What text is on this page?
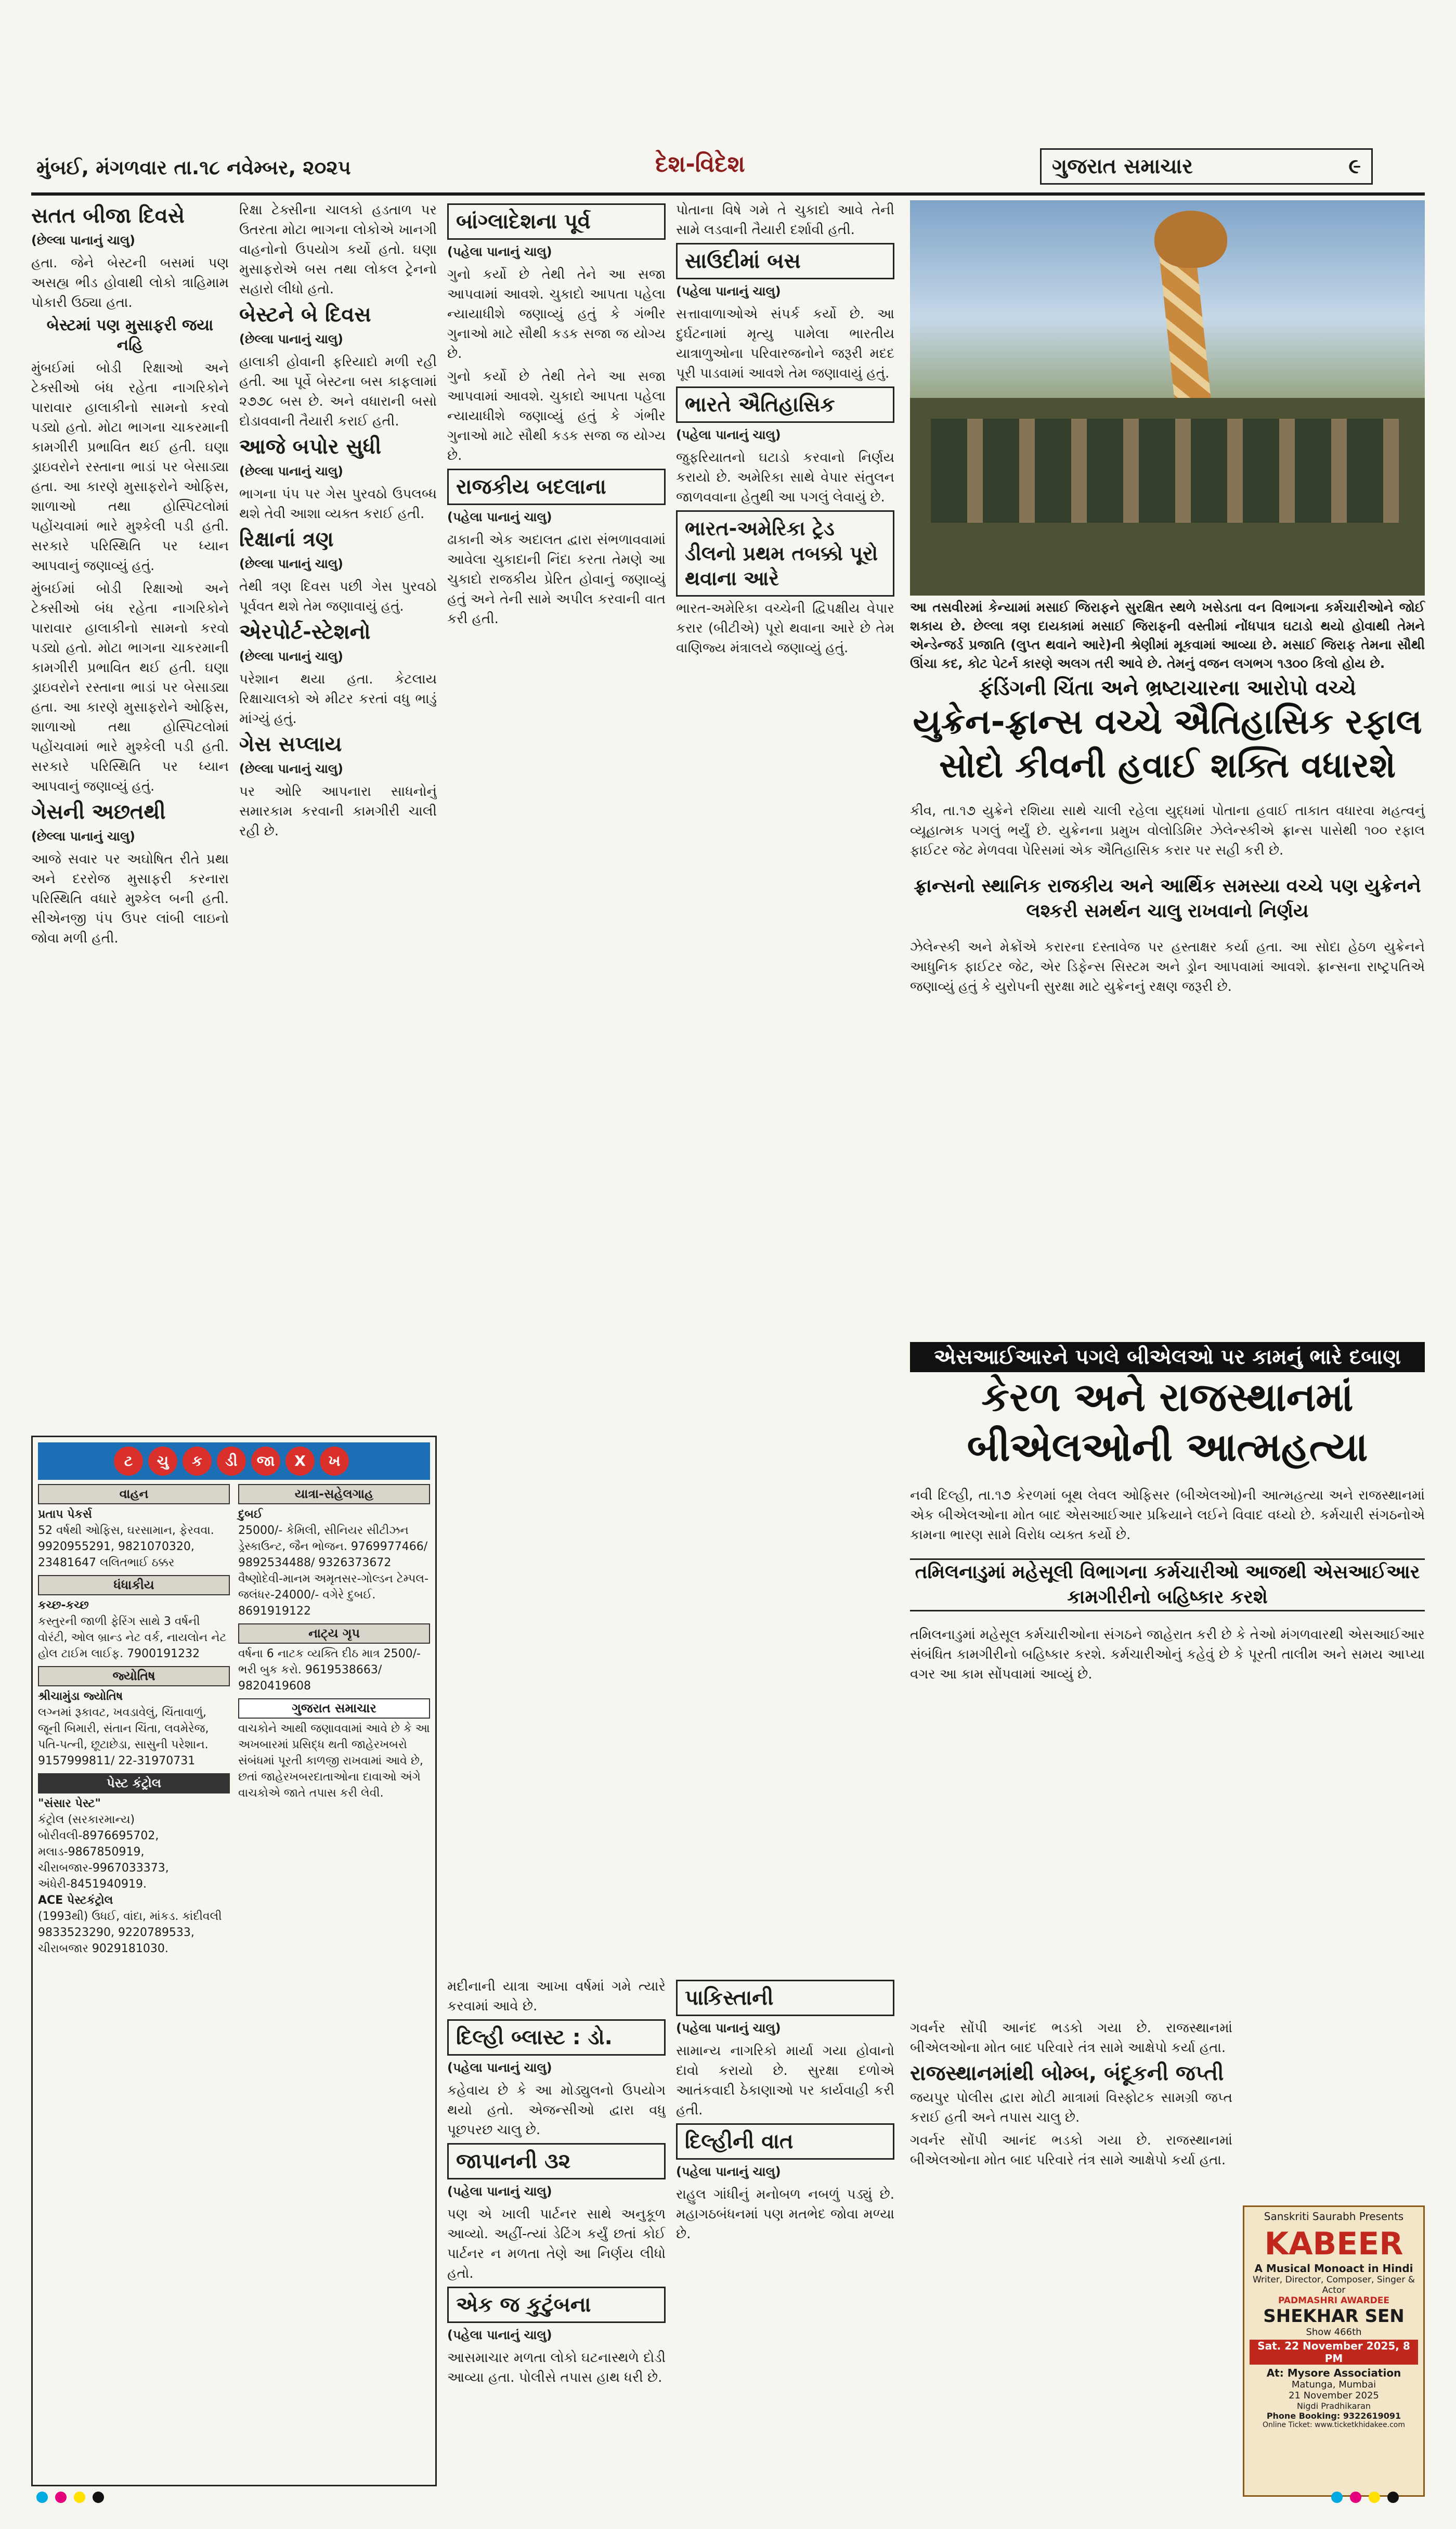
મુંબઈ, મંગળવાર તા.૧૮ નવેમ્બર, ૨૦૨૫	દેશ-વિદેશ	ગુજરાત સમાચાર	૯
સતત બીજા દિવસે
(છેલ્લા પાનાનું ચાલુ)

હતા. જેને બેસ્ટની બસમાં પણ અસહ્ય ભીડ હોવાથી લોકો ત્રાહિમામ પોકારી ઉઠ્યા હતા.

બેસ્ટમાં પણ મુસાફરી જયા નહિ

મુંબઈમાં બોડી રિક્ષાઓ અને ટેક્સીઓ બંધ રહેતા નાગરિકોને પારાવાર હાલાકીનો સામનો કરવો પડ્યો હતો. મોટા ભાગના ચાકરમાની કામગીરી પ્રભાવિત થઈ હતી. ઘણા ડ્રાઇવરોને રસ્તાના ભાડાં પર બેસાડ્યા હતા. આ કારણે મુસાફરોને ઓફિસ, શાળાઓ તથા હોસ્પિટલોમાં પહોંચવામાં ભારે મુશ્કેલી પડી હતી. સરકારે પરિસ્થિતિ પર ધ્યાન આપવાનું જણાવ્યું હતું.

મુંબઈમાં બોડી રિક્ષાઓ અને ટેક્સીઓ બંધ રહેતા નાગરિકોને પારાવાર હાલાકીનો સામનો કરવો પડ્યો હતો. મોટા ભાગના ચાકરમાની કામગીરી પ્રભાવિત થઈ હતી. ઘણા ડ્રાઇવરોને રસ્તાના ભાડાં પર બેસાડ્યા હતા. આ કારણે મુસાફરોને ઓફિસ, શાળાઓ તથા હોસ્પિટલોમાં પહોંચવામાં ભારે મુશ્કેલી પડી હતી. સરકારે પરિસ્થિતિ પર ધ્યાન આપવાનું જણાવ્યું હતું.

ગેસની અછતથી
(છેલ્લા પાનાનું ચાલુ)

આજે સવાર પર અઘોષિત રીતે પ્રથા અને દરરોજ મુસાફરી કરનારા પરિસ્થિતિ વધારે મુશ્કેલ બની હતી. સીએનજી પંપ ઉપર લાંબી લાઇનો જોવા મળી હતી.

રિક્ષા ટેક્સીના ચાલકો હડતાળ પર ઉતરતા મોટા ભાગના લોકોએ ખાનગી વાહનોનો ઉપયોગ કર્યો હતો. ઘણા મુસાફરોએ બસ તથા લોકલ ટ્રેનનો સહારો લીધો હતો.

બેસ્ટને બે દિવસ
(છેલ્લા પાનાનું ચાલુ)

હાલાકી હોવાની ફરિયાદો મળી રહી હતી. આ પૂર્વે બેસ્ટના બસ કાફલામાં ૨૭૭૮ બસ છે. અને વધારાની બસો દોડાવવાની તૈયારી કરાઈ હતી.

આજે બપોર સુધી
(છેલ્લા પાનાનું ચાલુ)

ભાગના પંપ પર ગેસ પુરવઠો ઉપલબ્ધ થશે તેવી આશા વ્યક્ત કરાઈ હતી.

રિક્ષાનાં ત્રણ
(છેલ્લા પાનાનું ચાલુ)

તેથી ત્રણ દિવસ પછી ગેસ પુરવઠો પૂર્વવત થશે તેમ જણાવાયું હતું.

એરપોર્ટ-સ્ટેશનો
(છેલ્લા પાનાનું ચાલુ)

પરેશાન થયા હતા. કેટલાય રિક્ષાચાલકો એ મીટર કરતાં વધુ ભાડું માંગ્યું હતું.

ગેસ સપ્લાય
(છેલ્લા પાનાનું ચાલુ)

પર ઓરિ આપનારા સાધનોનું સમારકામ કરવાની કામગીરી ચાલી રહી છે.

બાંગ્લાદેશના પૂર્વ
(પહેલા પાનાનું ચાલુ)

ગુનો કર્યો છે તેથી તેને આ સજા આપવામાં આવશે. ચુકાદો આપતા પહેલા ન્યાયાધીશે જણાવ્યું હતું કે ગંભીર ગુનાઓ માટે સૌથી કડક સજા જ યોગ્ય છે.

ગુનો કર્યો છે તેથી તેને આ સજા આપવામાં આવશે. ચુકાદો આપતા પહેલા ન્યાયાધીશે જણાવ્યું હતું કે ગંભીર ગુનાઓ માટે સૌથી કડક સજા જ યોગ્ય છે.

રાજકીય બદલાના
(પહેલા પાનાનું ચાલુ)

ઢાકાની એક અદાલત દ્વારા સંભળાવવામાં આવેલા ચુકાદાની નિંદા કરતા તેમણે આ ચુકાદો રાજકીય પ્રેરિત હોવાનું જણાવ્યું હતું અને તેની સામે અપીલ કરવાની વાત કરી હતી.

પોતાના વિષે ગમે તે ચુકાદો આવે તેની સામે લડવાની તૈયારી દર્શાવી હતી.

સાઉદીમાં બસ
(પહેલા પાનાનું ચાલુ)

સત્તાવાળાઓએ સંપર્ક કર્યો છે. આ દુર્ઘટનામાં મૃત્યુ પામેલા ભારતીય યાત્રાળુઓના પરિવારજનોને જરૂરી મદદ પૂરી પાડવામાં આવશે તેમ જણાવાયું હતું.

ભારતે ઐતિહાસિક
(પહેલા પાનાનું ચાલુ)

જુફરિયાતનો ઘટાડો કરવાનો નિર્ણય કરાયો છે. અમેરિકા સાથે વેપાર સંતુલન જાળવવાના હેતુથી આ પગલું લેવાયું છે.

ભારત-અમેરિકા ટ્રેડ ડીલનો પ્રથમ તબક્કો પૂરો થવાના આરે

ભારત-અમેરિકા વચ્ચેની દ્વિપક્ષીય વેપાર કરાર (બીટીએ) પૂરો થવાના આરે છે તેમ વાણિજ્ય મંત્રાલયે જણાવ્યું હતું.

આ તસવીરમાં કેન્યામાં મસાઈ જિરાફને સુરક્ષિત સ્થળે ખસેડતા વન વિભાગના કર્મચારીઓને જોઈ શકાય છે. છેલ્લા ત્રણ દાયકામાં મસાઈ જિરાફની વસ્તીમાં નોંધપાત્ર ઘટાડો થયો હોવાથી તેમને એન્ડેન્જર્ડ પ્રજાતિ (લુપ્ત થવાને આરે)ની શ્રેણીમાં મૂકવામાં આવ્યા છે. મસાઈ જિરાફ તેમના સૌથી ઊંચા કદ, કોટ પેટર્ન કારણે અલગ તરી આવે છે. તેમનું વજન લગભગ ૧૩૦૦ કિલો હોય છે.
ફંડિંગની ચિંતા અને ભ્રષ્ટાચારના આરોપો વચ્ચે
યુક્રેન-ફ્રાન્સ વચ્ચે ઐતિહાસિક રફાલ
સોદો કીવની હવાઈ શક્તિ વધારશે

કીવ, તા.૧૭ યુક્રેને રશિયા સાથે ચાલી રહેલા યુદ્ધમાં પોતાના હવાઈ તાકાત વધારવા મહત્વનું વ્યૂહાત્મક પગલું ભર્યું છે. યુક્રેનના પ્રમુખ વોલોડિમિર ઝેલેન્સ્કીએ ફ્રાન્સ પાસેથી ૧૦૦ રફાલ ફાઈટર જેટ મેળવવા પેરિસમાં એક ઐતિહાસિક કરાર પર સહી કરી છે.

ફ્રાન્સનો સ્થાનિક રાજકીય અને આર્થિક સમસ્યા વચ્ચે પણ યુક્રેનને લશ્કરી સમર્થન ચાલુ રાખવાનો નિર્ણય

ઝેલેન્સ્કી અને મેક્રોંએ કરારના દસ્તાવેજ પર હસ્તાક્ષર કર્યા હતા. આ સોદા હેઠળ યુક્રેનને આધુનિક ફાઈટર જેટ, એર ડિફેન્સ સિસ્ટમ અને ડ્રોન આપવામાં આવશે. ફ્રાન્સના રાષ્ટ્રપતિએ જણાવ્યું હતું કે યુરોપની સુરક્ષા માટે યુક્રેનનું રક્ષણ જરૂરી છે.

એસઆઈઆરને પગલે બીએલઓ પર કામનું ભારે દબાણ
કેરળ અને રાજસ્થાનમાં
બીએલઓની આત્મહત્યા

નવી દિલ્હી, તા.૧૭ કેરળમાં બૂથ લેવલ ઓફિસર (બીએલઓ)ની આત્મહત્યા અને રાજસ્થાનમાં એક બીએલઓના મોત બાદ એસઆઈઆર પ્રક્રિયાને લઈને વિવાદ વધ્યો છે. કર્મચારી સંગઠનોએ કામના ભારણ સામે વિરોધ વ્યક્ત કર્યો છે.

તમિલનાડુમાં મહેસૂલી વિભાગના કર્મચારીઓ આજથી એસઆઈઆર કામગીરીનો બહિષ્કાર કરશે

તમિલનાડુમાં મહેસૂલ કર્મચારીઓના સંગઠને જાહેરાત કરી છે કે તેઓ મંગળવારથી એસઆઈઆર સંબંધિત કામગીરીનો બહિષ્કાર કરશે. કર્મચારીઓનું કહેવું છે કે પૂરતી તાલીમ અને સમય આપ્યા વગર આ કામ સોંપવામાં આવ્યું છે.

ગવર્નર સોંપી આનંદ ભડકો ગયા છે. રાજસ્થાનમાં બીએલઓના મોત બાદ પરિવારે તંત્ર સામે આક્ષેપો કર્યા હતા.

રાજસ્થાનમાંથી બોમ્બ, બંદૂકની જપ્તી

જયપુર પોલીસ દ્વારા મોટી માત્રામાં વિસ્ફોટક સામગ્રી જપ્ત કરાઈ હતી અને તપાસ ચાલુ છે.

ગવર્નર સોંપી આનંદ ભડકો ગયા છે. રાજસ્થાનમાં બીએલઓના મોત બાદ પરિવારે તંત્ર સામે આક્ષેપો કર્યા હતા.

પાકિસ્તાની
(પહેલા પાનાનું ચાલુ)

સામાન્ય નાગરિકો માર્યા ગયા હોવાનો દાવો કરાયો છે. સુરક્ષા દળોએ આતંકવાદી ઠેકાણાઓ પર કાર્યવાહી કરી હતી.

દિલ્હીની વાત
(પહેલા પાનાનું ચાલુ)

રાહુલ ગાંધીનું મનોબળ નબળું પડ્યું છે. મહાગઠબંધનમાં પણ મતભેદ જોવા મળ્યા છે.

મદીનાની યાત્રા આખા વર્ષમાં ગમે ત્યારે કરવામાં આવે છે.

દિલ્હી બ્લાસ્ટ : ડો.
(પહેલા પાનાનું ચાલુ)

કહેવાય છે કે આ મોડ્યુલનો ઉપયોગ થયો હતો. એજન્સીઓ દ્વારા વધુ પૂછપરછ ચાલુ છે.

જાપાનની ૩૨
(પહેલા પાનાનું ચાલુ)

પણ એ ખાલી પાર્ટનર સાથે અનુકૂળ આવ્યો. અહીં-ત્યાં ડેટિંગ કર્યું છતાં કોઈ પાર્ટનર ન મળતા તેણે આ નિર્ણય લીધો હતો.

એક જ કુટુંબના
(પહેલા પાનાનું ચાલુ)

આસમાચાર મળતા લોકો ઘટનાસ્થળે દોડી આવ્યા હતા. પોલીસે તપાસ હાથ ધરી છે.

ટ ચુ ક ડી જા X ખ
વાહન
પ્રતાપ પેકર્સ
52 વર્ષથી ઓફિસ, ઘરસામાન, ફેરવવા. 9920955291, 9821070320, 23481647 લલિતભાઈ ઠક્કર
ધંધાકીય
કચ્છ-કચ્છ
કસ્તુરની જાળી ફેરિંગ સાથે 3 વર્ષની વોરંટી, ઓલ બ્રાન્ડ નેટ વર્ક, નાયલોન નેટ હોલ ટાઈમ લાઈફ. 7900191232
જ્યોતિષ
શ્રીચામુંડા જ્યોતિષ
લગ્નમાં રૂકાવટ, ખવડાવેલું, ચિંતાવાળું, જૂની બિમારી, સંતાન ચિંતા, લવમેરેજ, પતિ-પત્ની, છૂટાછેડા, સાસુની પરેશાન. 9157999811/ 22-31970731
પેસ્ટ કંટ્રોલ
"સંસાર પેસ્ટ"
કંટ્રોલ (સરકારમાન્ય) બોરીવલી-8976695702, મલાડ-9867850919, ચીરાબજાર-9967033373, અંધેરી-8451940919.
ACE પેસ્ટકંટ્રોલ
(1993થી) ઉધઈ, વાંદા, માંકડ. કાંદીવલી 9833523290, 9220789533, ચીરાબજાર 9029181030.
યાત્રા-સહેલગાહ
દુબઈ
25000/- કેમિલી, સીનિયર સીટીઝન ડ્રેસ્કાઉન્ટ, જૈન ભોજન. 9769977466/ 9892534488/ 9326373672
વૈષ્ણોદેવી-માનમ અમૃતસર-ગોલ્ડન ટેમ્પલ-જલંધર-24000/- વગેરે દુબઈ. 8691919122
નાટ્ય ગૃપ
વર્ષના 6 નાટક વ્યક્તિ દીઠ માત્ર 2500/- ભરી બુક કરો. 9619538663/ 9820419608
ગુજરાત સમાચાર
વાચકોને આથી જણાવવામાં આવે છે કે આ અખબારમાં પ્રસિદ્ધ થતી જાહેરખબરો સંબંધમાં પૂરતી કાળજી રાખવામાં આવે છે, છતાં જાહેરખબરદાતાઓના દાવાઓ અંગે વાચકોએ જાતે તપાસ કરી લેવી.
Sanskriti Saurabh Presents
KABEER
A Musical Monoact in Hindi
Writer, Director, Composer, Singer & Actor
PADMASHRI AWARDEE
SHEKHAR SEN
Show 466th
Sat. 22 November 2025, 8 PM
At: Mysore Association
Matunga, Mumbai
21 November 2025
Nigdi Pradhikaran
Phone Booking: 9322619091
Online Ticket: www.ticketkhidakee.com
